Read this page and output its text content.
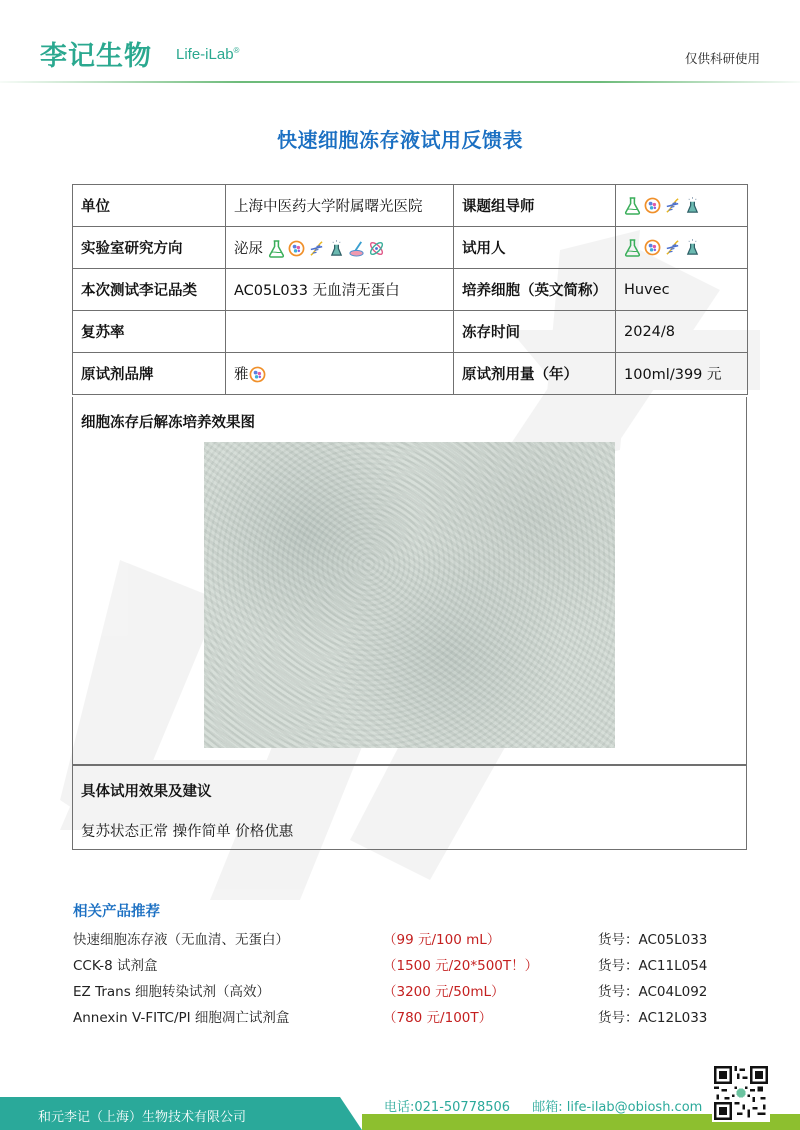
李记生物 Life-iLab®
仅供科研使用
快速细胞冻存液试用反馈表
单位	上海中医药大学附属曙光医院	课题组导师	

实验室研究方向	泌尿	试用人	

本次测试李记品类	AC05L033 无血清无蛋白	培养细胞（英文简称）	Huvec
复苏率		冻存时间	2024/8
原试剂品牌	雅	原试剂用量（年）	100ml/399 元
细胞冻存后解冻培养效果图
具体试用效果及建议
复苏状态正常 操作简单 价格优惠
相关产品推荐
快速细胞冻存液（无血清、无蛋白）	（99 元/100 mL）	货号：AC05L033
CCK-8 试剂盒	（1500 元/20*500T！）	货号：AC11L054
EZ Trans 细胞转染试剂（高效）	（3200 元/50mL）	货号：AC04L092
Annexin V-FITC/PI 细胞凋亡试剂盒	（780 元/100T）	货号：AC12L033
和元李记（上海）生物技术有限公司
电话:021-50778506 邮箱: life-ilab@obiosh.com
